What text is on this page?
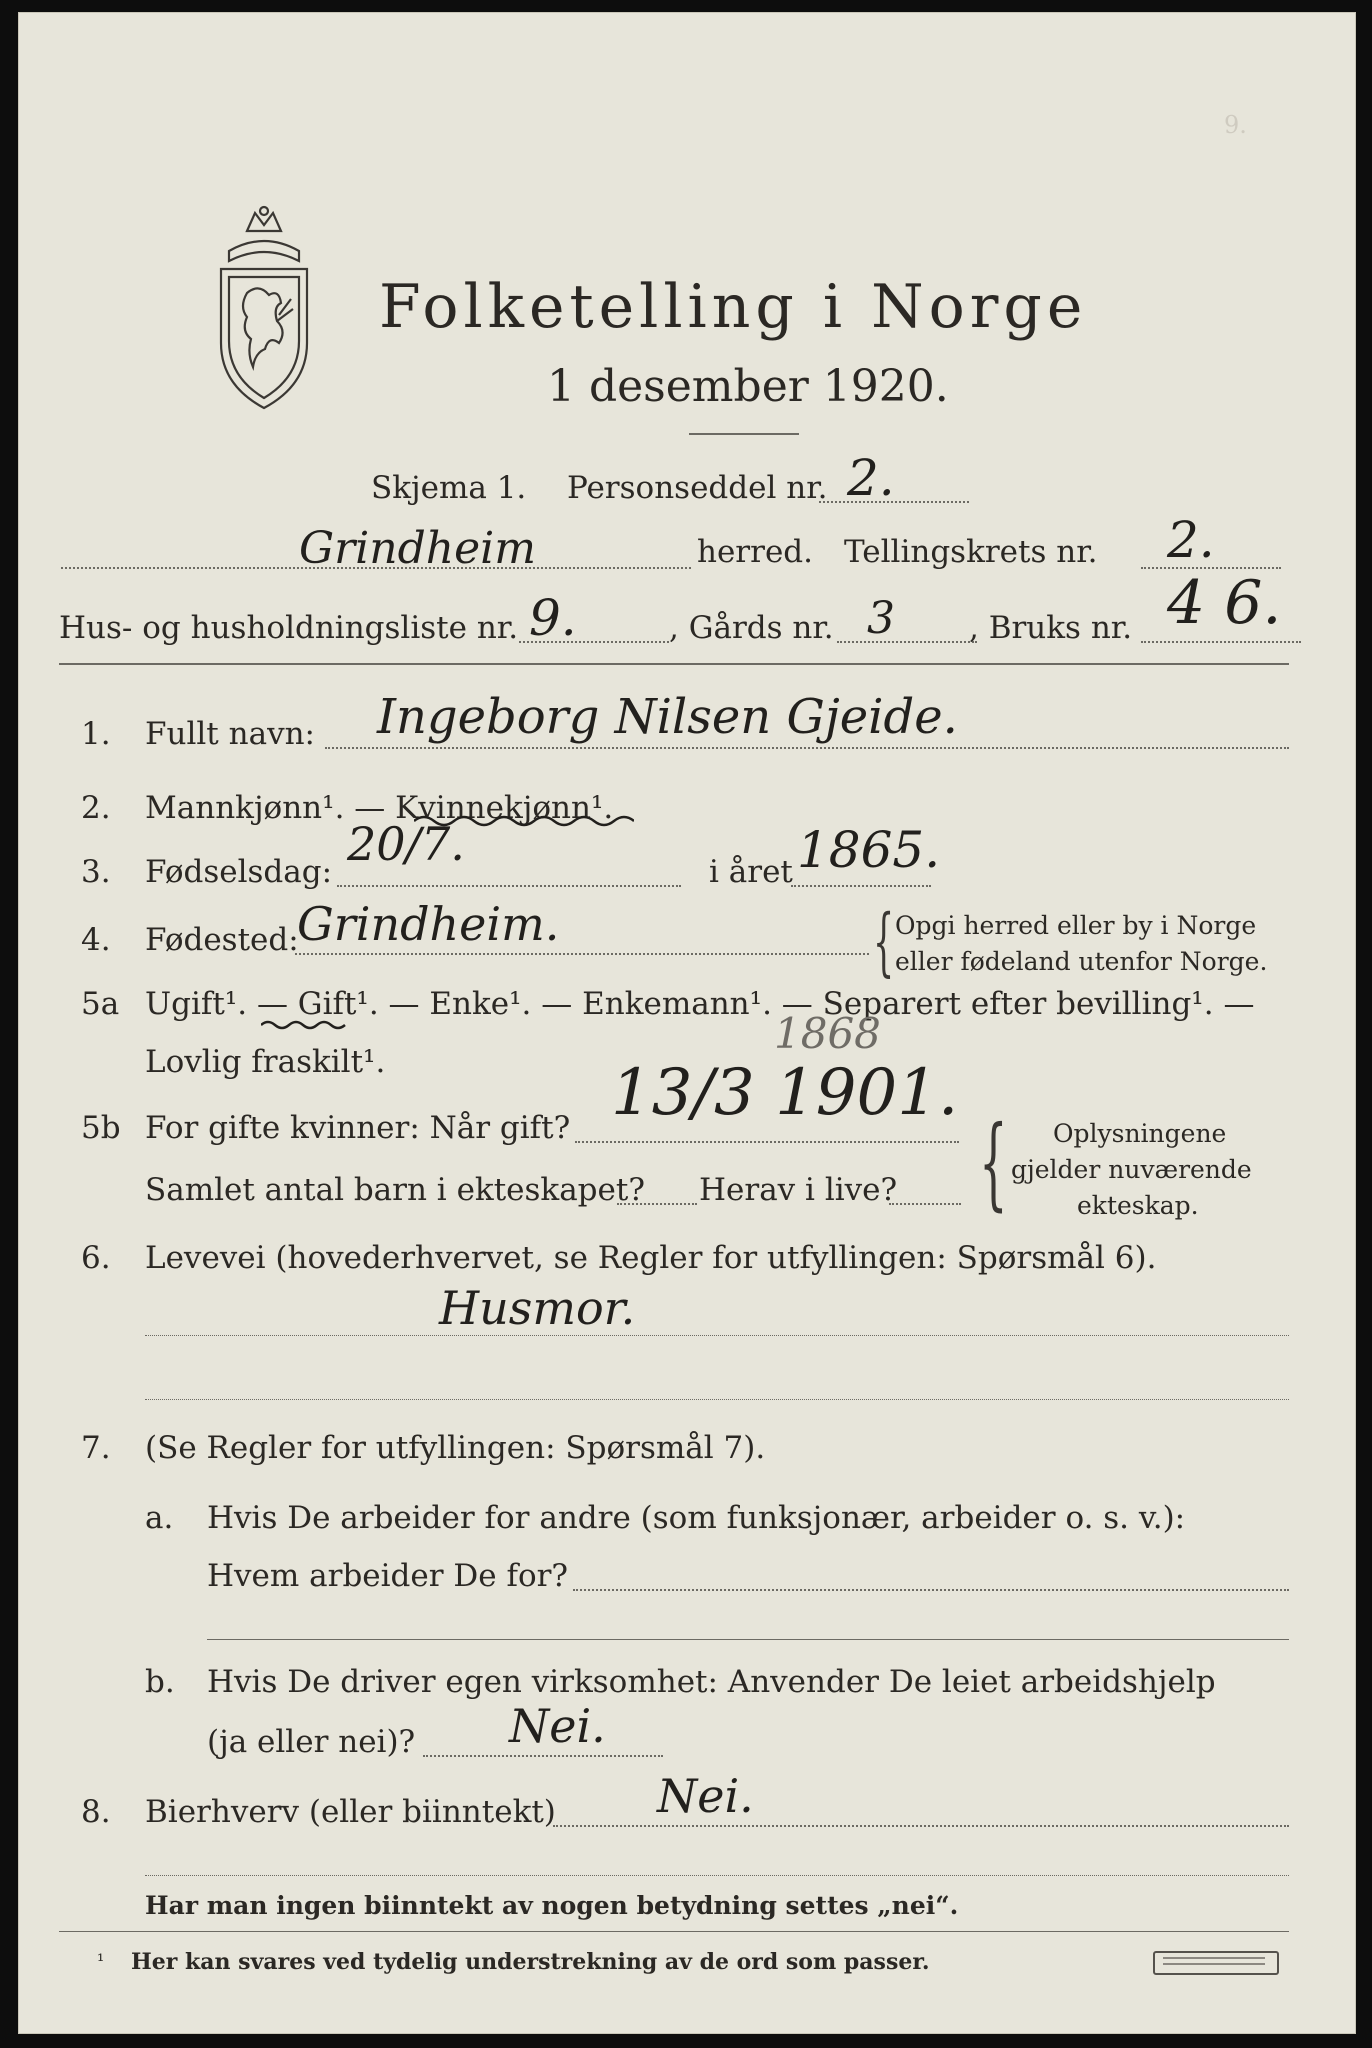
9.
Folketelling i Norge
1 desember 1920.
Skjema 1. Personseddel nr. 2.
Grindheim	herred. Tellingskrets nr. 2.
Hus- og husholdningsliste nr. 9.	, Gårds nr. 3 , Bruks nr. 4 6.
1. Fullt navn: Ingeborg Nilsen Gjeide.
2. Mannkjønn¹. — Kvinnekjønn¹.
3. Fødselsdag:
20/7.
i året 1865.
4. Fødested:
Grindheim.	{ Opgi herred eller by i Norge
eller fødeland utenfor Norge.
5a Ugift¹. — Gift¹. — Enke¹. — Enkemann¹. — Separert efter bevilling¹. —
Lovlig fraskilt¹.
1868
5b For gifte kvinner: Når gift? 13/3 1901.
Samlet antal barn i ekteskapet? Herav i live? { Oplysningene
gjelder nuværende
ekteskap.
6. Levevei (hovederhvervet, se Regler for utfyllingen: Spørsmål 6).
Husmor.
7. (Se Regler for utfyllingen: Spørsmål 7).
a. Hvis De arbeider for andre (som funksjonær, arbeider o. s. v.):
Hvem arbeider De for?
b. Hvis De driver egen virksomhet: Anvender De leiet arbeidshjelp
(ja eller nei)? Nei.
8. Bierhverv (eller biinntekt) Nei.
Har man ingen biinntekt av nogen betydning settes „nei“.
¹ Her kan svares ved tydelig understrekning av de ord som passer.
